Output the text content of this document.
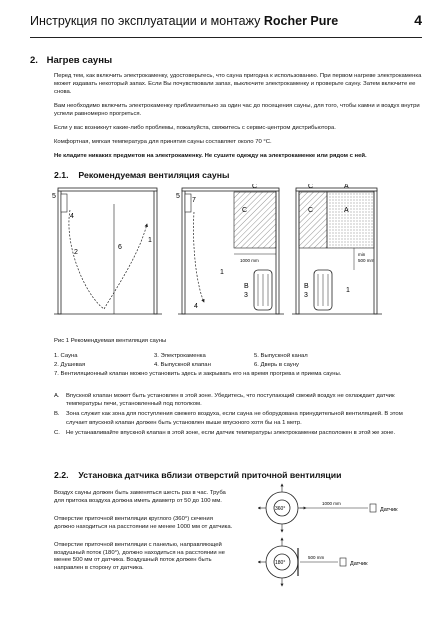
Инструкция по эксплуатации и монтажу Rocher Pure	4
2. Нагрев сауны
Перед тем, как включить электрокаменку, удостоверьтесь, что сауна пригодна к использованию. При первом нагреве электрокаменка может издавать некоторый запах. Если Вы почувствовали запах, выключите электрокаменку и проверьте сауну. Затем включите ее снова.
Вам необходимо включить электрокаменку приблизительно за один час до посещения сауны, для того, чтобы камни и воздух внутри успели равномерно прогреться.
Если у вас возникнут какие-либо проблемы, пожалуйста, свяжитесь с сервис-центром дистрибьютора.
Комфортная, мягкая температура для принятия сауны составляет около 70 °C.
Не кладите никаких предметов на электрокаменку. Не сушите одежду на электрокаменке или рядом с ней.
2.1. Рекомендуемая вентиляция сауны
5
4
2
6
1
5
7
C
C
1000 mm
1
B
3
4
C	A
C	A
min
500 mm
B
3
1
Рис 1 Рекомендуемая вентиляция сауны
1. Сауна	3. Электрокаменка	5. Выпускной канал
2. Душевая	4. Выпускной клапан	6. Дверь в сауну
7. Вентиляционный клапан можно установить здесь и закрывать его на время прогрева и приема сауны.
A.	Впускной клапан может быть установлен в этой зоне. Убедитесь, что поступающий свежий воздух не охлаждает датчик температуры печи, установленный под потолком.
B.	Зона служит как зона для поступления свежего воздуха, если сауна не оборудована принудительной вентиляцией. В этом случает впускной клапан должен быть установлен выше впускного хотя бы на 1 метр.
C.	Не устанавливайте впускной клапан в этой зоне, если датчик температуры электрокаменки расположен в этой же зоне.
2.2. Установка датчика вблизи отверстий приточной вентиляции
Воздух сауны должен быть заменяться шесть раз в час. Труба для притока воздуха должна иметь диаметр от 50 до 100 мм.
Отверстие приточной вентиляции круглого (360°) сечения должно находиться на расстоянии не менее 1000 мм от датчика.
Отверстие приточной вентиляции с панелью, направляющей воздушный поток (180°), должно находиться на расстоянии не менее 500 мм от датчика. Воздушный поток должен быть направлен в сторону от датчика.
360°
1000 mm
Датчик
180°
500 mm
Датчик
